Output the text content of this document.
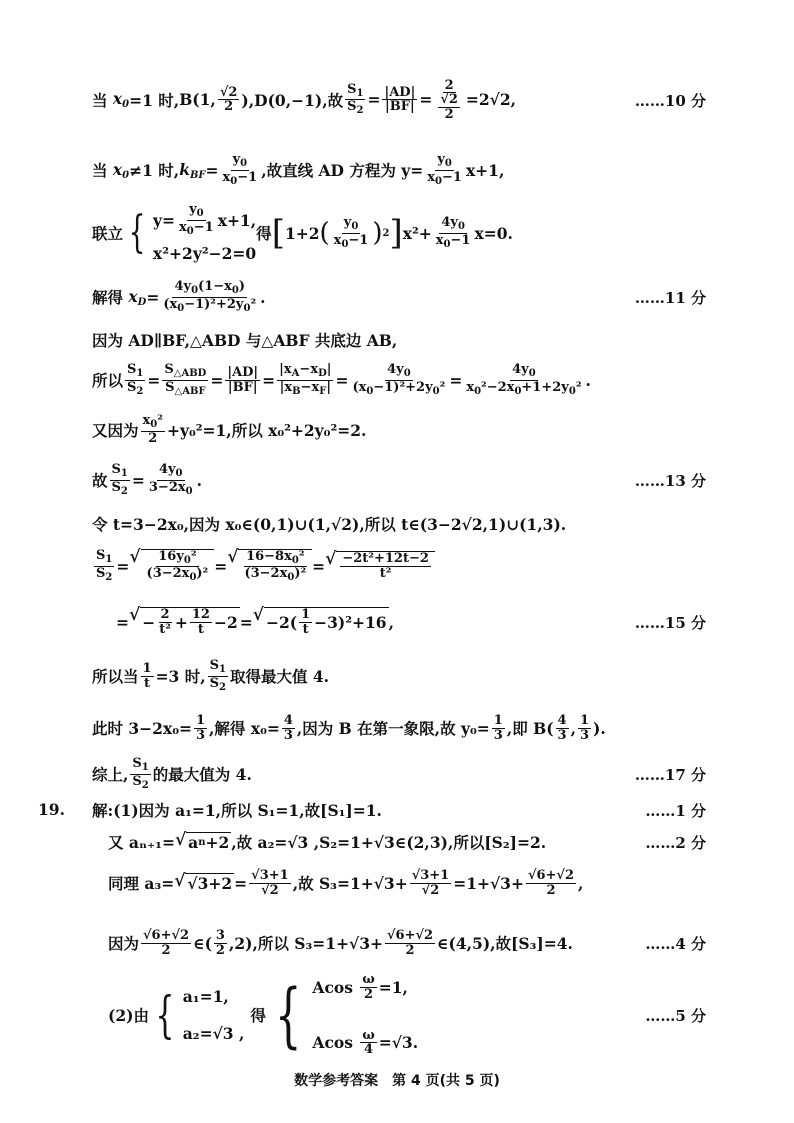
当 $x_0 =1$ 时, B(1, $\frac{√2}{2} ),D(0,-1)$,故 $\frac{S_1}{S_2} = \frac{|AD|}{|BF|} = \frac{2}{\frac{√2}{2}} =2√2$,	……10 分
当 $x_0 \ne 1$ 时, $k_{BF} = \frac{y_0}{x_0-1}$ ,故直线 AD 方程为 $y= \frac{y_0}{x_0-1} x+1$,
联立 { $y= \frac{y_0}{x_0-1} x+1$,
x²+2y²−2=0
得 [ 1+2 ( $\frac{y_0}{x_0-1}$ ) 2 ] $x^2+ \frac{4y_0}{x_0-1} x=0$.
解得 $x_D = \frac{4y_0(1-x_0)}{(x_0-1)^2+2y_0^2}$ .	……11 分
因为 AD∥BF,△ABD 与△ABF 共底边 AB,
所以 $\frac{S_1}{S_2} = \frac{S_{\triangle ABD}}{S_{\triangle ABF}} = \frac{|AD|}{|BF|} = \frac{|x_A-x_D|}{|x_B-x_F|} = \frac{4y_0}{(x_0-1)^2+2y_0^2} = \frac{4y_0}{x_0^2-2x_0+1+2y_0^2}$ .
又因为 $\frac{x_0^2}{2} +y_0^2=1$,所以 x₀²+2y₀²=2.
故 $\frac{S_1}{S_2} = \frac{4y_0}{3-2x_0}$ .	……13 分
令 t=3−2x₀,因为 x₀∈(0,1)∪(1,√2),所以 t∈(3−2√2,1)∪(1,3).
$\frac{S_1}{S_2}$ = √ $\frac{16y_0^2}{(3-2x_0)^2}$ = √ $\frac{16-8x_0^2}{(3-2x_0)^2}$ = √ $\frac{\text{−2t²+12t−2}}{\text{t²}}$
= √ − $\frac{2}{\text{t²}} + \frac{12}{t} -2$ = √ $-2( \frac{1}{t} -3)^2+16$ ,	……15 分
所以当 $\frac{1}{t} =3$ 时, $\frac{S_1}{S_2}$ 取得最大值 4.
此时 $3-2x_0= \frac{1}{3}$ ,解得 $x_0= \frac{4}{3}$ ,因为 B 在第一象限,故 $y_0= \frac{1}{3}$ ,即 $B( \frac{4}{3}$ , $\frac{1}{3}$ ).
综上, $\frac{S_1}{S_2}$ 的最大值为 4.	……17 分
19. 解:(1)因为 a₁=1,所以 S₁=1,故[S₁]=1.	……1 分
又 aₙ₊₁= √ a n +2 ,故 a₂=√3 ,S₂=1+√3∈(2,3),所以[S₂]=2.	……2 分
同理 a₃= √ $√3+2 = \frac{√3+1}{√2}$ ,故 $S_3=1+√3+ \frac{√3+1}{√2} =1+√3+ \frac{√6+√2}{2}$ ,
因为 $\frac{√6+√2}{2}$ ∈( $\frac{3}{2} ,2$),所以 $S_3=1+√3+ \frac{√6+√2}{2}$ ∈(4,5),故[S₃]=4.	……4 分
(2)由 { a₁=1,
a₂=√3 ,
得 { Acos
$\frac{\omega}{2} =1$,
Acos
$\frac{\omega}{4} =√3$.
……5 分
数学参考答案　第 4 页(共 5 页)
